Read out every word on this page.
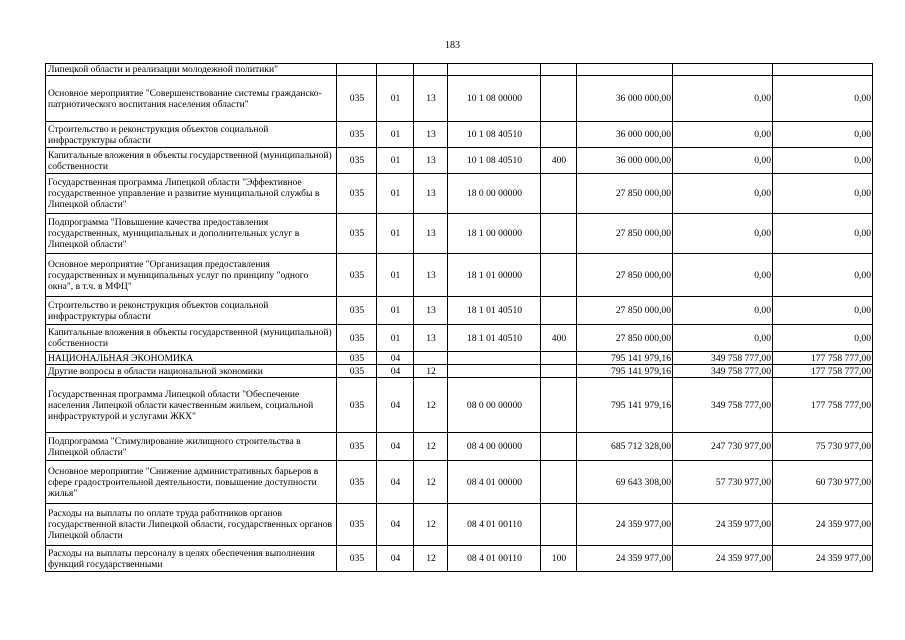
183
Липецкой области и реализации молодежной политики"								
Основное мероприятие "Совершенствование системы гражданско-патриотического воспитания населения области"	035	01	13	10 1 08 00000		36 000 000,00	0,00	0,00
Строительство и реконструкция объектов социальной инфраструктуры области	035	01	13	10 1 08 40510		36 000 000,00	0,00	0,00
Капитальные вложения в объекты государственной (муниципальной) собственности	035	01	13	10 1 08 40510	400	36 000 000,00	0,00	0,00
Государственная программа Липецкой области "Эффективное государственное управление и развитие муниципальной службы в Липецкой области"	035	01	13	18 0 00 00000		27 850 000,00	0,00	0,00
Подпрограмма "Повышение качества предоставления государственных, муниципальных и дополнительных услуг в Липецкой области"	035	01	13	18 1 00 00000		27 850 000,00	0,00	0,00
Основное мероприятие "Организация предоставления государственных и муниципальных услуг по принципу "одного окна", в т.ч. в МФЦ"	035	01	13	18 1 01 00000		27 850 000,00	0,00	0,00
Строительство и реконструкция объектов социальной инфраструктуры области	035	01	13	18 1 01 40510		27 850 000,00	0,00	0,00
Капитальные вложения в объекты государственной (муниципальной) собственности	035	01	13	18 1 01 40510	400	27 850 000,00	0,00	0,00
НАЦИОНАЛЬНАЯ ЭКОНОМИКА	035	04				795 141 979,16	349 758 777,00	177 758 777,00
Другие вопросы в области национальной экономики	035	04	12			795 141 979,16	349 758 777,00	177 758 777,00
Государственная программа Липецкой области "Обеспечение населения Липецкой области качественным жильем, социальной инфраструктурой и услугами ЖКХ"	035	04	12	08 0 00 00000		795 141 979,16	349 758 777,00	177 758 777,00
Подпрограмма "Стимулирование жилищного строительства в Липецкой области"	035	04	12	08 4 00 00000		685 712 328,00	247 730 977,00	75 730 977,00
Основное мероприятие "Снижение административных барьеров в сфере градостроительной деятельности, повышение доступности жилья"	035	04	12	08 4 01 00000		69 643 308,00	57 730 977,00	60 730 977,00
Расходы на выплаты по оплате труда работников органов государственной власти Липецкой области, государственных органов Липецкой области	035	04	12	08 4 01 00110		24 359 977,00	24 359 977,00	24 359 977,00
Расходы на выплаты персоналу в целях обеспечения выполнения функций государственными	035	04	12	08 4 01 00110	100	24 359 977,00	24 359 977,00	24 359 977,00
